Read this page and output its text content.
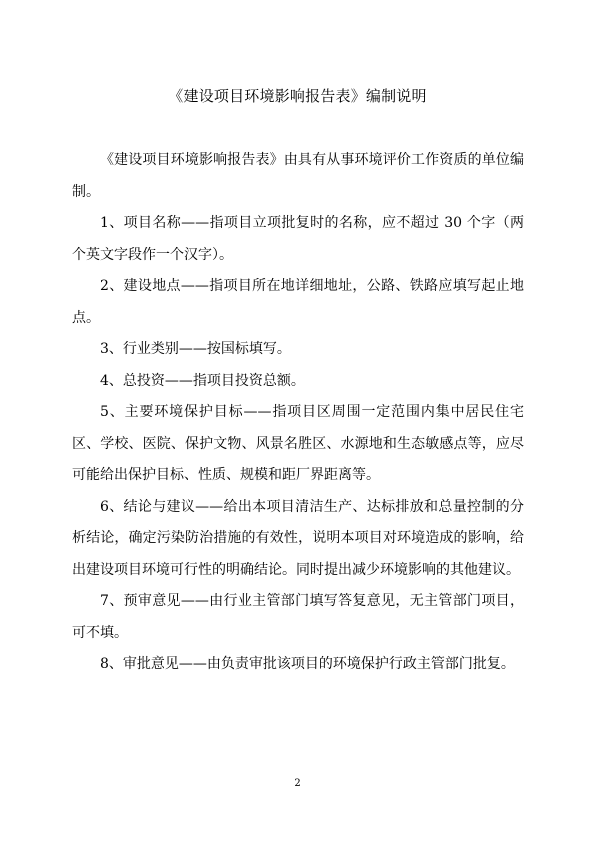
《建设项目环境影响报告表》编制说明

《建设项目环境影响报告表》由具有从事环境评价工作资质的单位编制。

1、项目名称——指项目立项批复时的名称，应不超过 30 个字（两个英文字段作一个汉字）。

2、建设地点——指项目所在地详细地址，公路、铁路应填写起止地点。

3、行业类别——按国标填写。

4、总投资——指项目投资总额。

5、主要环境保护目标——指项目区周围一定范围内集中居民住宅区、学校、医院、保护文物、风景名胜区、水源地和生态敏感点等，应尽可能给出保护目标、性质、规模和距厂界距离等。

6、结论与建议——给出本项目清洁生产、达标排放和总量控制的分析结论，确定污染防治措施的有效性，说明本项目对环境造成的影响，给出建设项目环境可行性的明确结论。同时提出减少环境影响的其他建议。

7、预审意见——由行业主管部门填写答复意见，无主管部门项目，可不填。

8、审批意见——由负责审批该项目的环境保护行政主管部门批复。

2
